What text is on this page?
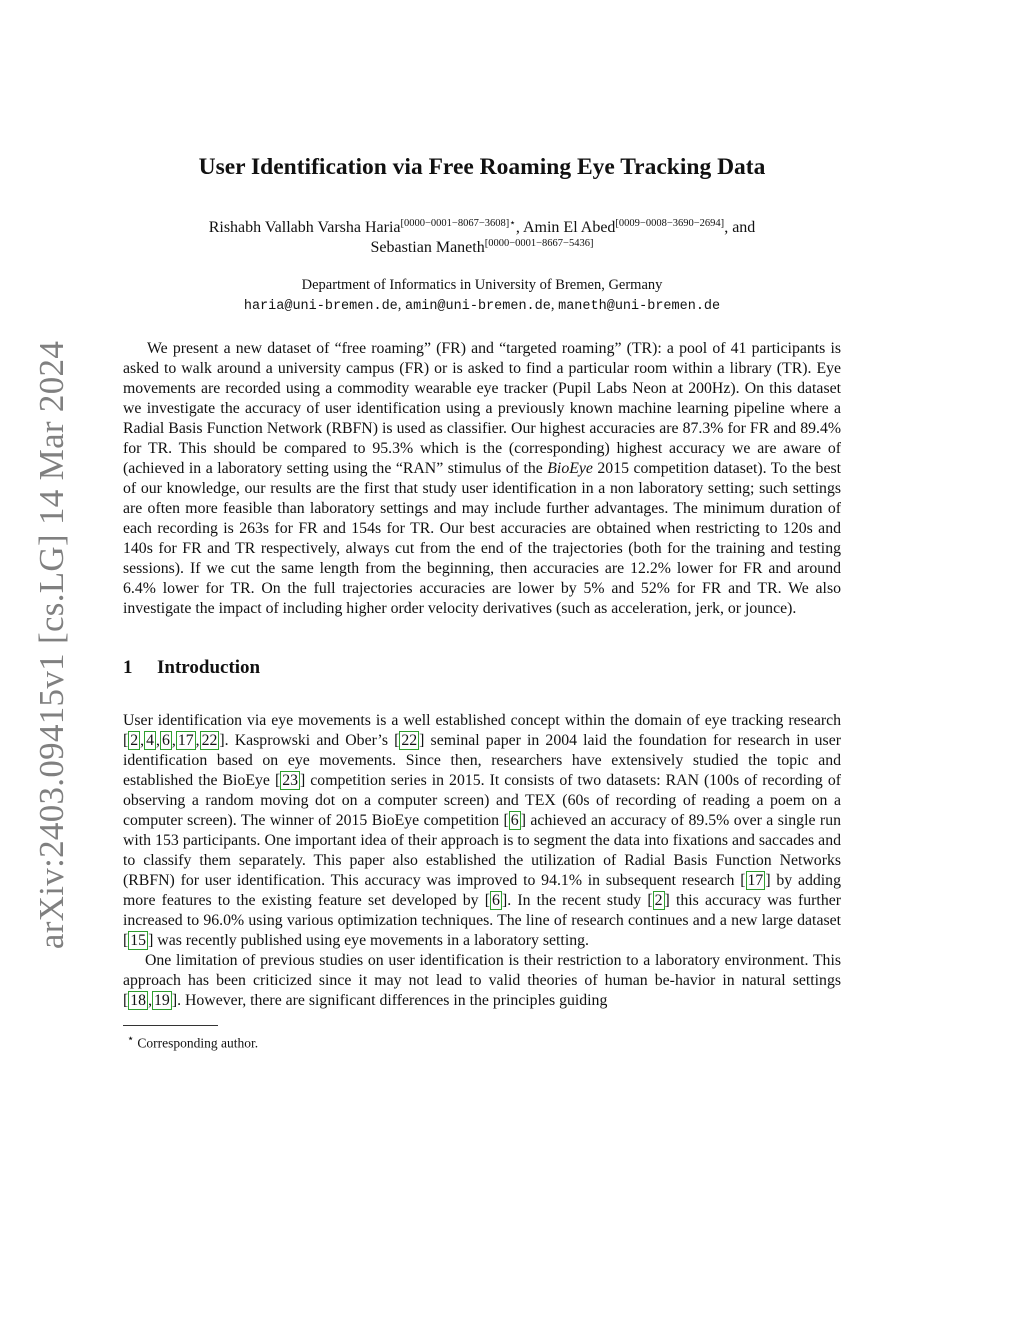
arXiv:2403.09415v1 [cs.LG] 14 Mar 2024
User Identification via Free Roaming Eye Tracking Data
Rishabh Vallabh Varsha Haria$^{[0000-0001-8067-3608]⋆}$, Amin El Abed[0009−0008−3690−2694], and
Sebastian Maneth[0000−0001−8667−5436]
Department of Informatics in University of Bremen, Germany
haria@uni-bremen.de, amin@uni-bremen.de, maneth@uni-bremen.de

We present a new dataset of “free roaming” (FR) and “targeted roaming” (TR): a pool of 41 participants is asked to walk around a university campus (FR) or is asked to find a particular room within a library (TR). Eye movements are recorded using a commodity wearable eye tracker (Pupil Labs Neon at 200Hz). On this dataset we investigate the accuracy of user identification using a previously known machine learning pipeline where a Radial Basis Function Network (RBFN) is used as classifier. Our highest accuracies are 87.3% for FR and 89.4% for TR. This should be compared to 95.3% which is the (corresponding) highest accuracy we are aware of (achieved in a laboratory setting using the “RAN” stimulus of the BioEye 2015 competition dataset). To the best of our knowledge, our results are the first that study user identification in a non laboratory setting; such settings are often more feasible than laboratory settings and may include further advantages. The minimum duration of each recording is 263s for FR and 154s for TR. Our best accuracies are obtained when restricting to 120s and 140s for FR and TR respectively, always cut from the end of the trajectories (both for the training and testing sessions). If we cut the same length from the beginning, then accuracies are 12.2% lower for FR and around 6.4% lower for TR. On the full trajectories accuracies are lower by 5% and 52% for FR and TR. We also investigate the impact of including higher order velocity derivatives (such as acceleration, jerk, or jounce).

1 Introduction

User identification via eye movements is a well established concept within the domain of eye tracking research [ 2 , 4 , 6 , 17 , 22 ]. Kasprowski and Ober’s [ 22 ] seminal paper in 2004 laid the foundation for research in user identification based on eye movements. Since then, researchers have extensively studied the topic and established the BioEye [ 23 ] competition series in 2015. It consists of two datasets: RAN (100s of recording of observing a random moving dot on a computer screen) and TEX (60s of recording of reading a poem on a computer screen). The winner of 2015 BioEye competition [ 6 ] achieved an accuracy of 89.5% over a single run with 153 participants. One important idea of their approach is to segment the data into fixations and saccades and to classify them separately. This paper also established the utilization of Radial Basis Function Networks (RBFN) for user identification. This accuracy was improved to 94.1% in subsequent research [ 17 ] by adding more features to the existing feature set developed by [ 6 ]. In the recent study [ 2 ] this accuracy was further increased to 96.0% using various optimization techniques. The line of research continues and a new large dataset [ 15 ] was recently published using eye movements in a laboratory setting.

One limitation of previous studies on user identification is their restriction to a laboratory environment. This approach has been criticized since it may not lead to valid theories of human be-havior in natural settings [ 18 , 19 ]. However, there are significant differences in the principles guiding

⋆ Corresponding author.
